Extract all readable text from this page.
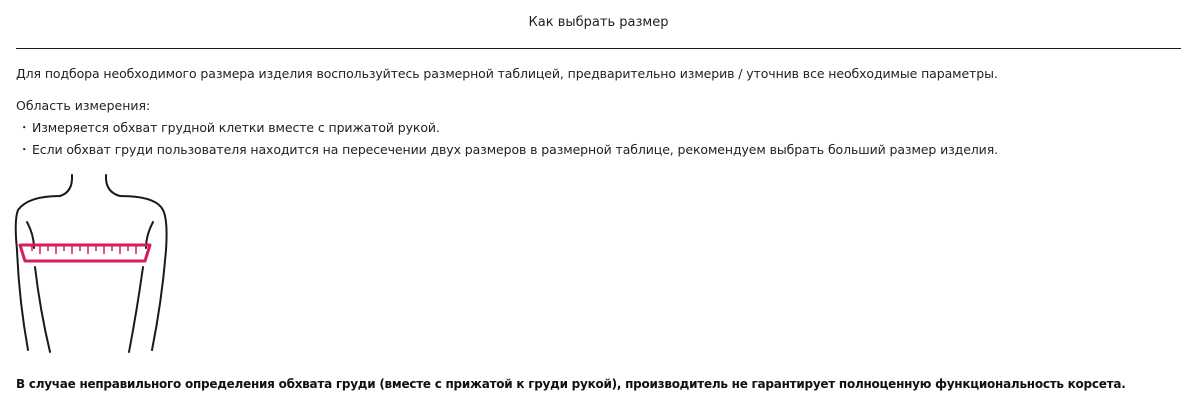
Как выбрать размер
Для подбора необходимого размера изделия воспользуйтесь размерной таблицей, предварительно измерив / уточнив все необходимые параметры.
Область измерения:
・ Измеряется обхват грудной клетки вместе с прижатой рукой.
・ Если обхват груди пользователя находится на пересечении двух размеров в размерной таблице, рекомендуем выбрать больший размер изделия.
В случае неправильного определения обхвата груди (вместе с прижатой к груди рукой), производитель не гарантирует полноценную функциональность корсета.
